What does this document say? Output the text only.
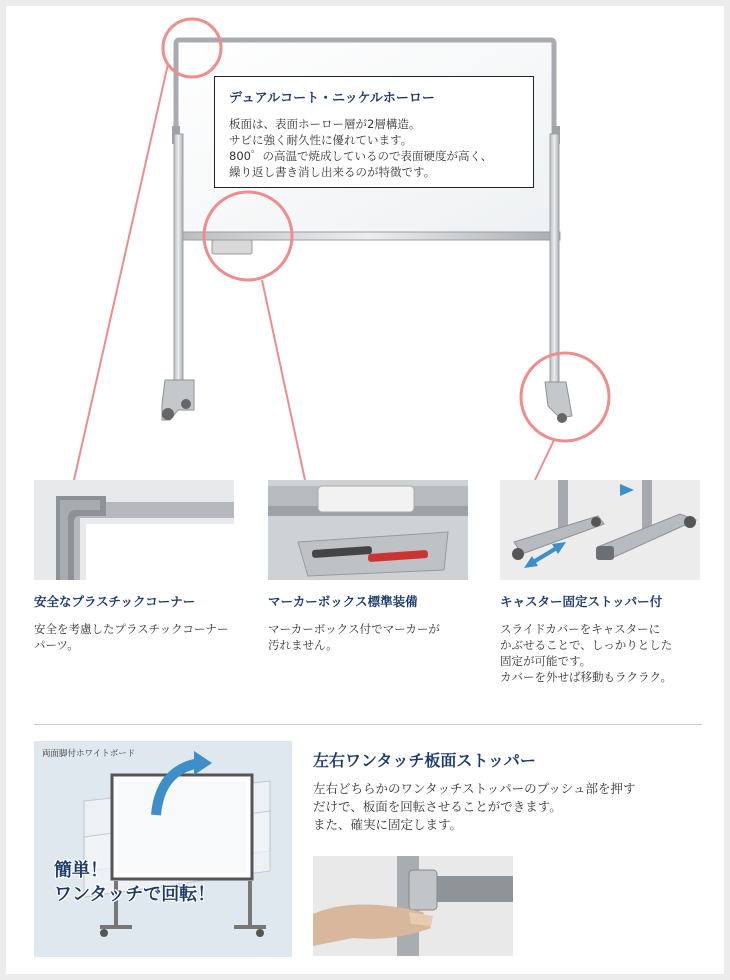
デュアルコート・ニッケルホーロー

板面は、表面ホーロー層が2層構造。
サビに強く耐久性に優れています。
800゜の高温で焼成しているので表面硬度が高く、
繰り返し書き消し出来るのが特徴です。

安全なプラスチックコーナー
安全を考慮したプラスチックコーナー
パーツ。
マーカーボックス標準装備
マーカーボックス付でマーカーが
汚れません。
キャスター固定ストッパー付
スライドカバーをキャスターに
かぶせることで、しっかりとした
固定が可能です。
カバーを外せば移動もラクラク。
両面脚付ホワイトボード
簡単！
ワンタッチで回転！
左右ワンタッチ板面ストッパー
左右どちらかのワンタッチストッパーのプッシュ部を押す
だけで、板面を回転させることができます。
また、確実に固定します。
